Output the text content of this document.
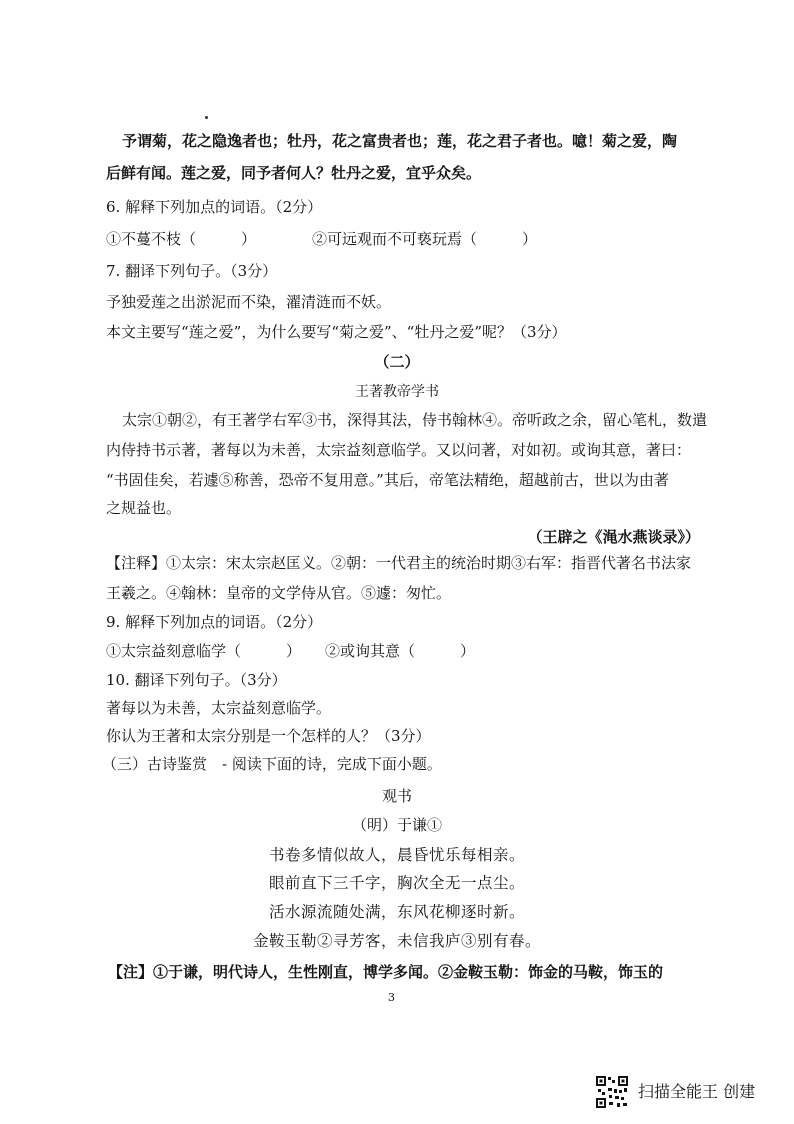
予谓菊，花之隐逸者也；牡丹，花之富贵者也；莲，花之君子者也。噫！菊之爱，陶
后鲜有闻。莲之爱，同予者何人？牡丹之爱，宜乎众矣。
6. 解释下列加点的词语。（2分）
①不蔓不枝（　　　）	②可远观而不可亵玩焉（　　　）
7. 翻译下列句子。（3分）
予独爱莲之出淤泥而不染，濯清涟而不妖。
本文主要写“莲之爱”，为什么要写“菊之爱”、“牡丹之爱”呢？（3分）
（二）
王著教帝学书
太宗①朝②，有王著学右军③书，深得其法，侍书翰林④。帝听政之余，留心笔札，数遣
内侍持书示著，著每以为未善，太宗益刻意临学。又以问著，对如初。或询其意，著曰：
“书固佳矣，若遽⑤称善，恐帝不复用意。”其后，帝笔法精绝，超越前古，世以为由著
之规益也。
（王辟之《渑水燕谈录》）
【注释】①太宗：宋太宗赵匡义。②朝：一代君主的统治时期③右军：指晋代著名书法家
王羲之。④翰林：皇帝的文学侍从官。⑤遽：匆忙。
9. 解释下列加点的词语。（2分）
①太宗益刻意临学（　　　） ②或询其意（　　　）
10. 翻译下列句子。（3分）
著每以为未善，太宗益刻意临学。
你认为王著和太宗分别是一个怎样的人？（3分）
（三）古诗鉴赏　- 阅读下面的诗，完成下面小题。
观书
（明）于谦①
书卷多情似故人，晨昏忧乐每相亲。
眼前直下三千字，胸次全无一点尘。
活水源流随处满，东风花柳逐时新。
金鞍玉勒②寻芳客，未信我庐③别有春。
【注】①于谦，明代诗人，生性刚直，博学多闻。②金鞍玉勒：饰金的马鞍，饰玉的
3
扫描全能王 创建
